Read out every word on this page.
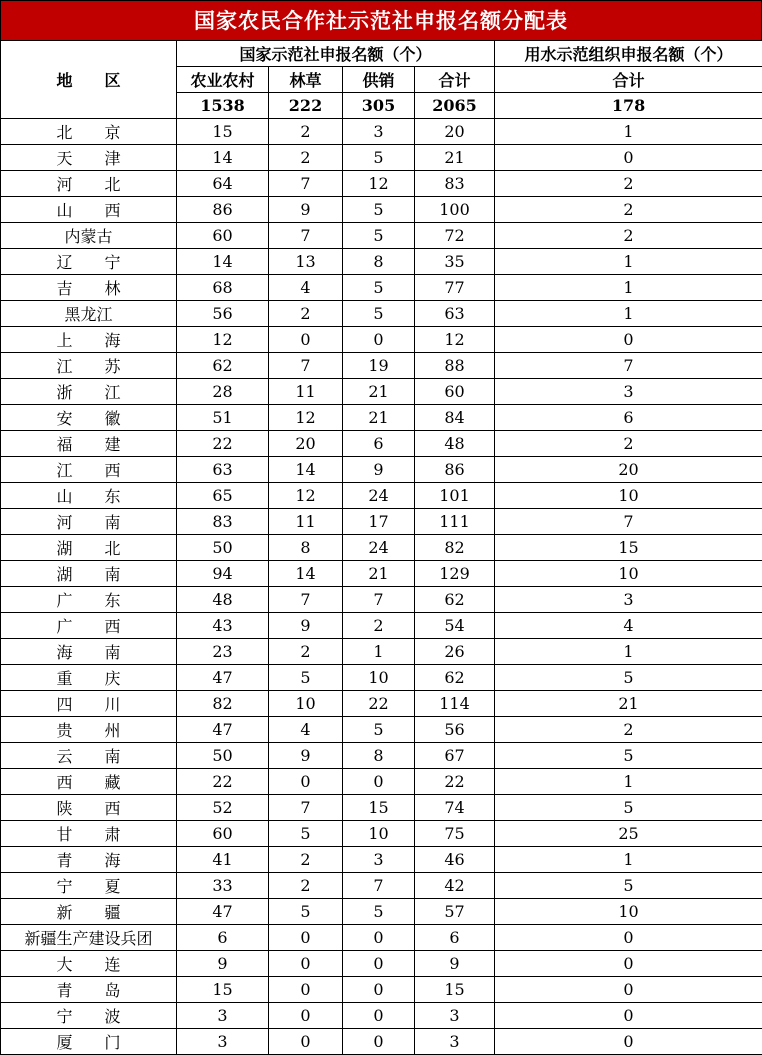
国家农民合作社示范社申报名额分配表
地　　区	国家示范社申报名额（个）				用水示范组织申报名额（个）
	农业农村	林草	供销	合计	合计
	1538	222	305	2065	178
北　　京	15	2	3	20	1
天　　津	14	2	5	21	0
河　　北	64	7	12	83	2
山　　西	86	9	5	100	2
内蒙古	60	7	5	72	2
辽　　宁	14	13	8	35	1
吉　　林	68	4	5	77	1
黑龙江	56	2	5	63	1
上　　海	12	0	0	12	0
江　　苏	62	7	19	88	7
浙　　江	28	11	21	60	3
安　　徽	51	12	21	84	6
福　　建	22	20	6	48	2
江　　西	63	14	9	86	20
山　　东	65	12	24	101	10
河　　南	83	11	17	111	7
湖　　北	50	8	24	82	15
湖　　南	94	14	21	129	10
广　　东	48	7	7	62	3
广　　西	43	9	2	54	4
海　　南	23	2	1	26	1
重　　庆	47	5	10	62	5
四　　川	82	10	22	114	21
贵　　州	47	4	5	56	2
云　　南	50	9	8	67	5
西　　藏	22	0	0	22	1
陕　　西	52	7	15	74	5
甘　　肃	60	5	10	75	25
青　　海	41	2	3	46	1
宁　　夏	33	2	7	42	5
新　　疆	47	5	5	57	10
新疆生产建设兵团	6	0	0	6	0
大　　连	9	0	0	9	0
青　　岛	15	0	0	15	0
宁　　波	3	0	0	3	0
厦　　门	3	0	0	3	0
